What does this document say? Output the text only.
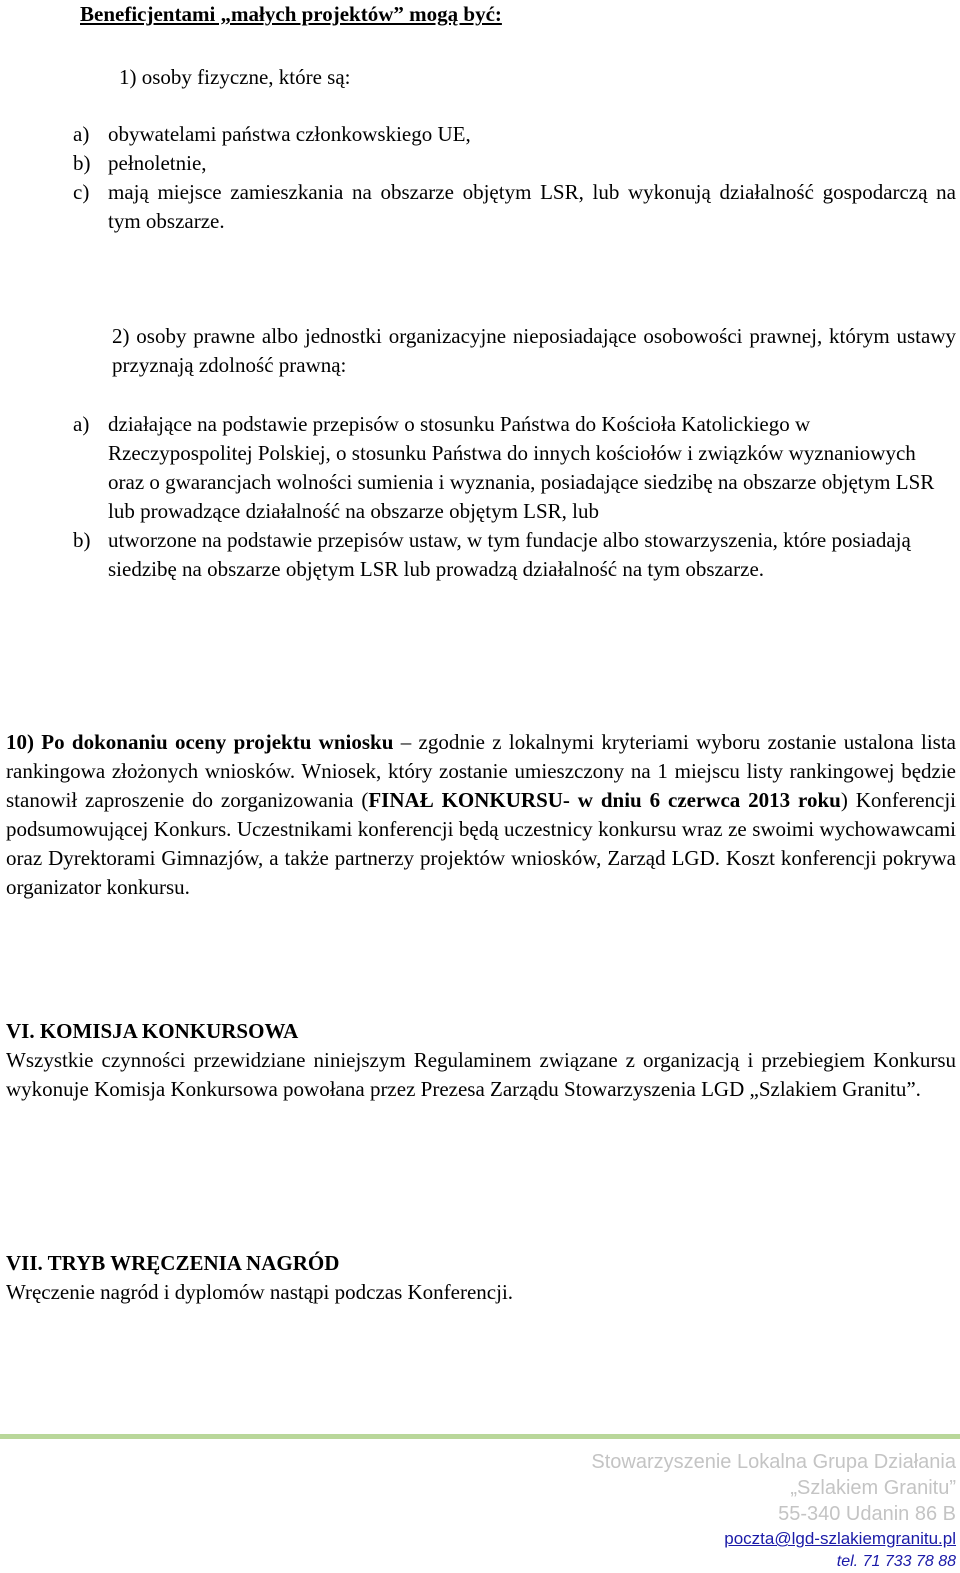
Beneficjentami „małych projektów” mogą być:
1) osoby fizyczne, które są:
a) obywatelami państwa członkowskiego UE,
b) pełnoletnie,
c) mają miejsce zamieszkania na obszarze objętym LSR, lub wykonują działalność gospodarczą na tym obszarze.
2) osoby prawne albo jednostki organizacyjne nieposiadające osobowości prawnej, którym ustawy przyznają zdolność prawną:
a) działające na podstawie przepisów o stosunku Państwa do Kościoła Katolickiego w Rzeczypospolitej Polskiej, o stosunku Państwa do innych kościołów i związków wyznaniowych oraz o gwarancjach wolności sumienia i wyznania, posiadające siedzibę na obszarze objętym LSR lub prowadzące działalność na obszarze objętym LSR, lub
b) utworzone na podstawie przepisów ustaw, w tym fundacje albo stowarzyszenia, które posiadają siedzibę na obszarze objętym LSR lub prowadzą działalność na tym obszarze.
10) Po dokonaniu oceny projektu wniosku – zgodnie z lokalnymi kryteriami wyboru zostanie ustalona lista rankingowa złożonych wniosków. Wniosek, który zostanie umieszczony na 1 miejscu listy rankingowej będzie stanowił zaproszenie do zorganizowania (FINAŁ KONKURSU- w dniu 6 czerwca 2013 roku) Konferencji podsumowującej Konkurs. Uczestnikami konferencji będą uczestnicy konkursu wraz ze swoimi wychowawcami oraz Dyrektorami Gimnazjów, a także partnerzy projektów wniosków, Zarząd LGD. Koszt konferencji pokrywa organizator konkursu.
VI. KOMISJA KONKURSOWA
Wszystkie czynności przewidziane niniejszym Regulaminem związane z organizacją i przebiegiem Konkursu wykonuje Komisja Konkursowa powołana przez Prezesa Zarządu Stowarzyszenia LGD „Szlakiem Granitu”.
VII. TRYB WRĘCZENIA NAGRÓD
Wręczenie nagród i dyplomów nastąpi podczas Konferencji.
Stowarzyszenie Lokalna Grupa Działania
„Szlakiem Granitu”
55-340 Udanin 86 B
poczta@lgd-szlakiemgranitu.pl
tel. 71 733 78 88
